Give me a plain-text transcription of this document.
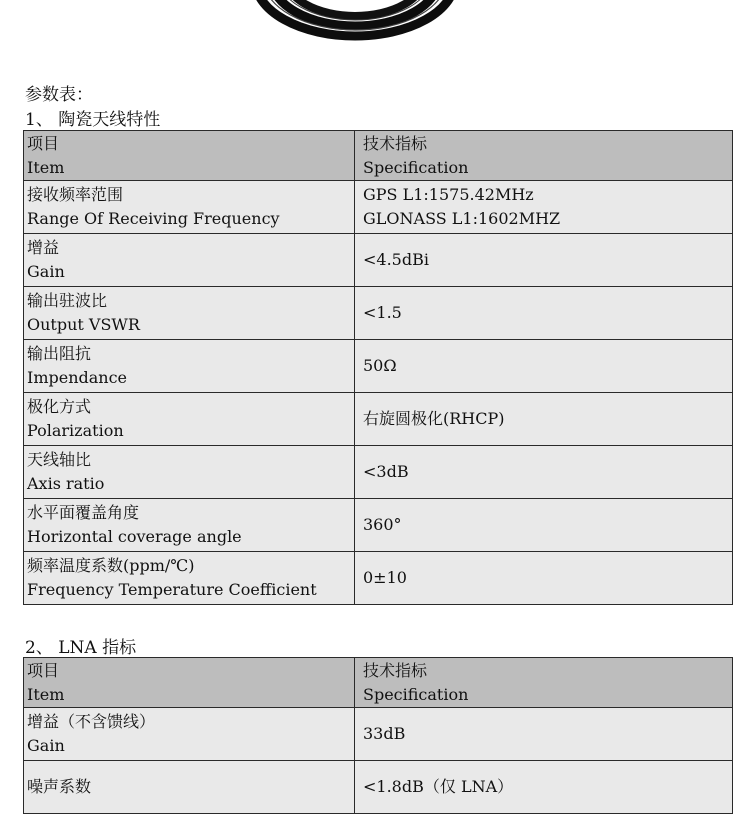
参数表：
1、 陶瓷天线特性
项目
Item	技术指标
Specification

接收频率范围
Range Of Receiving Frequency	GPS L1:1575.42MHz
GLONASS L1:1602MHZ

增益
Gain	<4.5dBi

输出驻波比
Output VSWR	<1.5

输出阻抗
Impendance	50Ω

极化方式
Polarization	右旋圆极化(RHCP)

天线轴比
Axis ratio	<3dB

水平面覆盖角度
Horizontal coverage angle	360°

频率温度系数(ppm/℃)
Frequency Temperature Coefficient	0±10
2、 LNA 指标
项目
Item	技术指标
Specification

增益（不含馈线）
Gain	33dB

噪声系数	<1.8dB（仅 LNA）
